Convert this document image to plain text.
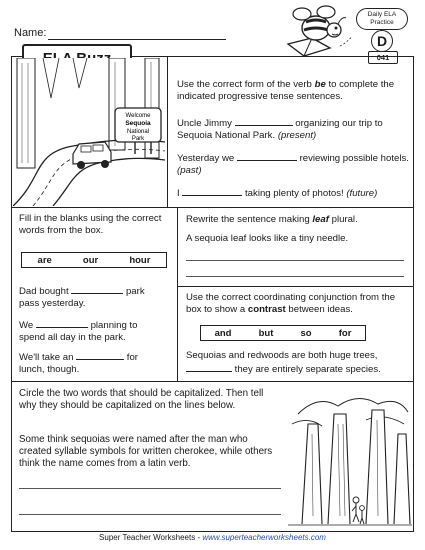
Name:
Daily ELA
Practice
D
041
Welcome
Sequoia
National
Park
Use the correct form of the verb be to complete the indicated progressive tense sentences.
Uncle Jimmy	organizing our trip to Sequoia National Park. (present)
Yesterday we	reviewing possible hotels. (past)
I	taking plenty of photos! (future)
Fill in the blanks using the correct words from the box.
are	our	hour
Dad bought	park
pass yesterday.
We	planning to
spend all day in the park.
We'll take an	for
lunch, though.
Rewrite the sentence making leaf plural.
A sequoia leaf looks like a tiny needle.
Use the correct coordinating conjunction from the box to show a contrast between ideas.
and	but	so	for
Sequoias and redwoods are both huge trees,
they are entirely separate species.
Circle the two words that should be capitalized. Then tell why they should be capitalized on the lines below.
Some think sequoias were named after the man who created syllable symbols for written cherokee, while others think the name comes from a latin verb.
Super Teacher Worksheets - www.superteacherworksheets.com
